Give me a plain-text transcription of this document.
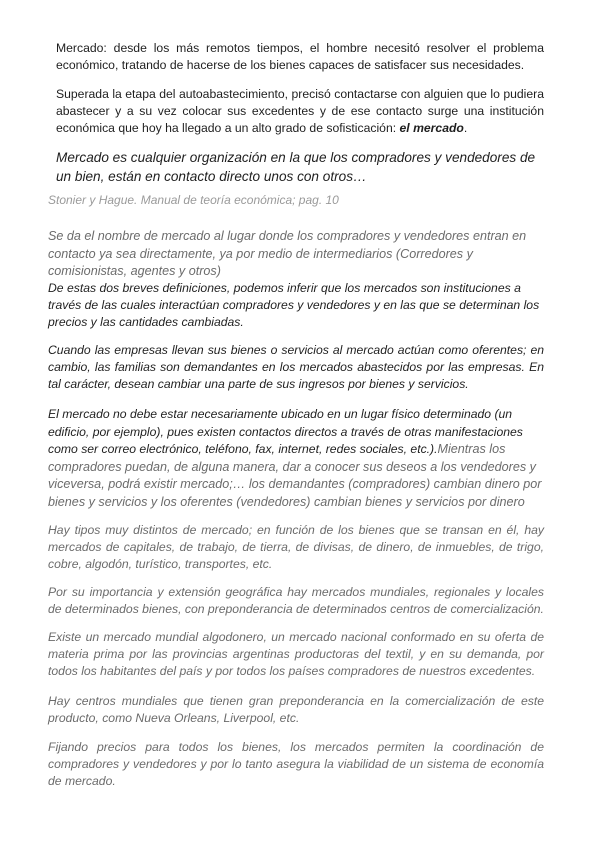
Mercado: desde los más remotos tiempos, el hombre necesitó resolver el problema económico, tratando de hacerse de los bienes capaces de satisfacer sus necesidades.

Superada la etapa del autoabastecimiento, precisó contactarse con alguien que lo pudiera abastecer y a su vez colocar sus excedentes y de ese contacto surge una institución económica que hoy ha llegado a un alto grado de sofisticación: el mercado.

Mercado es cualquier organización en la que los compradores y vendedores de un bien, están en contacto directo unos con otros…

Stonier y Hague. Manual de teoría económica; pag. 10

Se da el nombre de mercado al lugar donde los compradores y vendedores entran en contacto ya sea directamente, ya por medio de intermediarios (Corredores y comisionistas, agentes y otros)

De estas dos breves definiciones, podemos inferir que los mercados son instituciones a través de las cuales interactúan compradores y vendedores y en las que se determinan los precios y las cantidades cambiadas.

Cuando las empresas llevan sus bienes o servicios al mercado actúan como oferentes; en cambio, las familias son demandantes en los mercados abastecidos por las empresas. En tal carácter, desean cambiar una parte de sus ingresos por bienes y servicios.

El mercado no debe estar necesariamente ubicado en un lugar físico determinado (un edificio, por ejemplo), pues existen contactos directos a través de otras manifestaciones como ser correo electrónico, teléfono, fax, internet, redes sociales, etc.).Mientras los compradores puedan, de alguna manera, dar a conocer sus deseos a los vendedores y viceversa, podrá existir mercado;… los demandantes (compradores) cambian dinero por bienes y servicios y los oferentes (vendedores) cambian bienes y servicios por dinero

Hay tipos muy distintos de mercado; en función de los bienes que se transan en él, hay mercados de capitales, de trabajo, de tierra, de divisas, de dinero, de inmuebles, de trigo, cobre, algodón, turístico, transportes, etc.

Por su importancia y extensión geográfica hay mercados mundiales, regionales y locales de determinados bienes, con preponderancia de determinados centros de comercialización.

Existe un mercado mundial algodonero, un mercado nacional conformado en su oferta de materia prima por las provincias argentinas productoras del textil, y en su demanda, por todos los habitantes del país y por todos los países compradores de nuestros excedentes.

Hay centros mundiales que tienen gran preponderancia en la comercialización de este producto, como Nueva Orleans, Liverpool, etc.

Fijando precios para todos los bienes, los mercados permiten la coordinación de compradores y vendedores y por lo tanto asegura la viabilidad de un sistema de economía de mercado.
